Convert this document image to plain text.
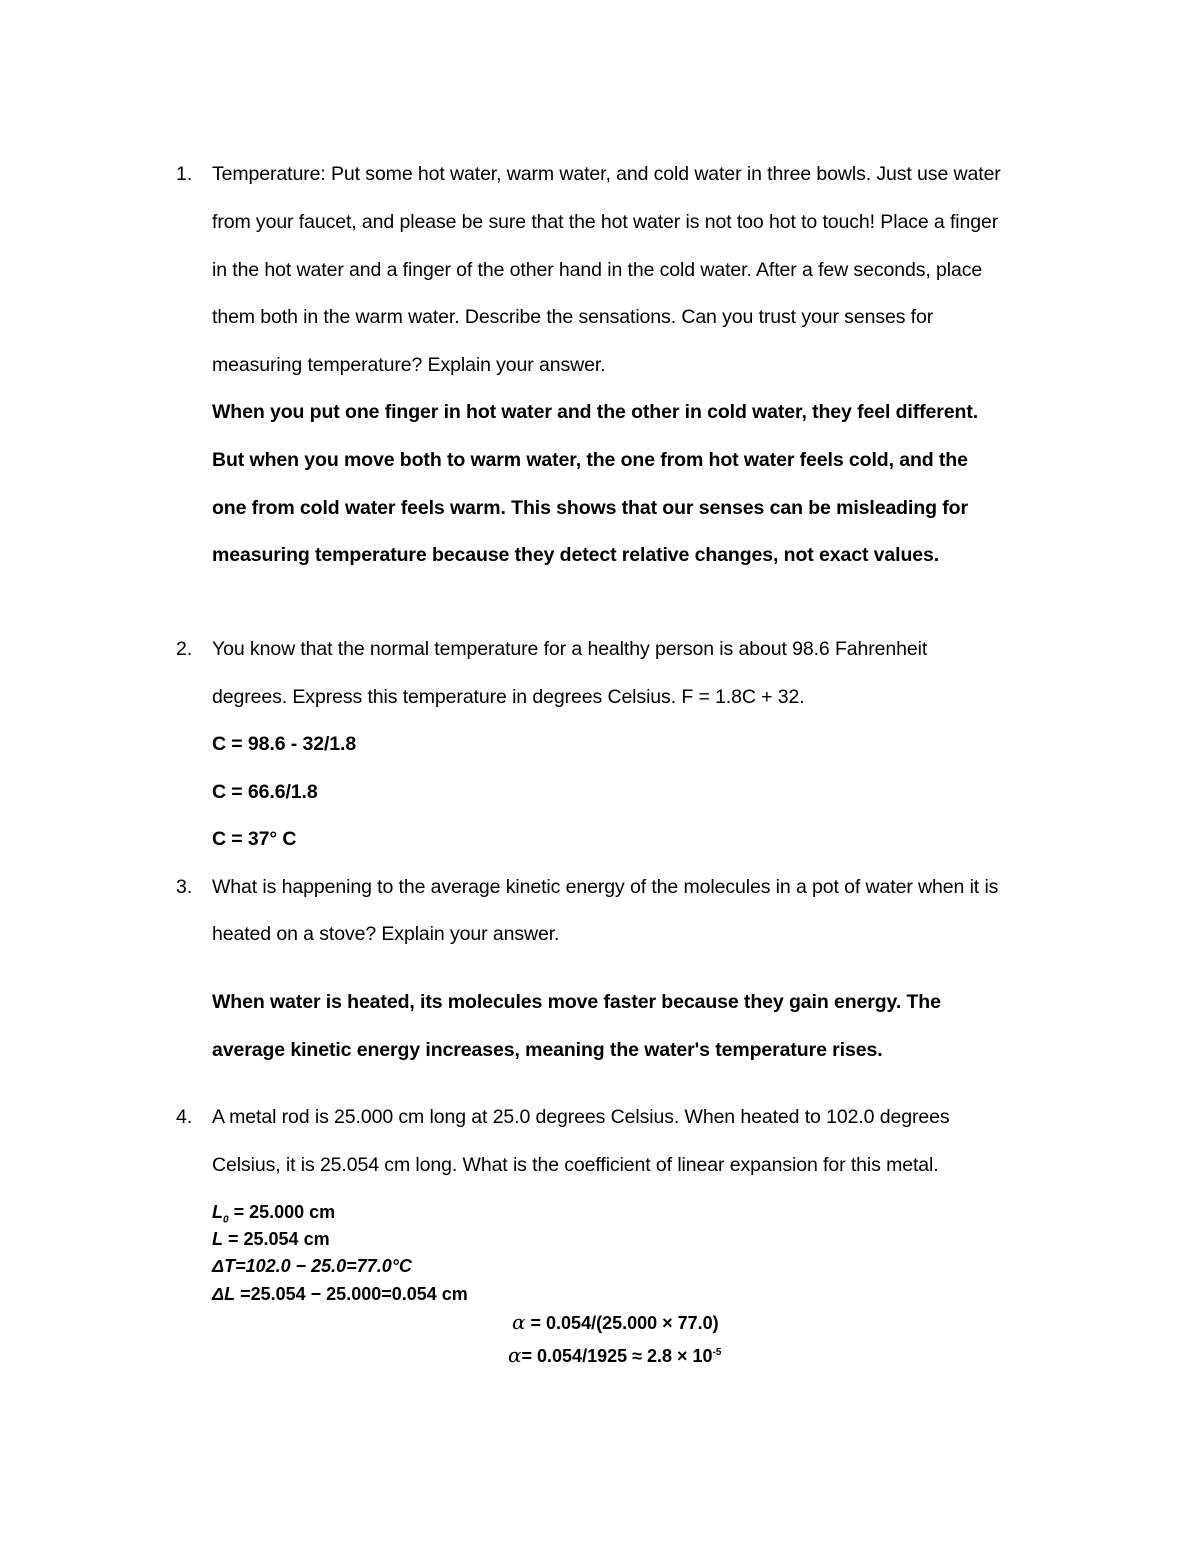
1. Temperature: Put some hot water, warm water, and cold water in three bowls. Just use water
from your faucet, and please be sure that the hot water is not too hot to touch! Place a finger
in the hot water and a finger of the other hand in the cold water. After a few seconds, place
them both in the warm water. Describe the sensations. Can you trust your senses for
measuring temperature? Explain your answer.
When you put one finger in hot water and the other in cold water, they feel different.
But when you move both to warm water, the one from hot water feels cold, and the
one from cold water feels warm. This shows that our senses can be misleading for
measuring temperature because they detect relative changes, not exact values.
2. You know that the normal temperature for a healthy person is about 98.6 Fahrenheit
degrees. Express this temperature in degrees Celsius. F = 1.8C + 32.
C = 98.6 - 32/1.8
C = 66.6/1.8
C = 37° C
3. What is happening to the average kinetic energy of the molecules in a pot of water when it is
heated on a stove? Explain your answer.
When water is heated, its molecules move faster because they gain energy. The
average kinetic energy increases, meaning the water's temperature rises.
4. A metal rod is 25.000 cm long at 25.0 degrees Celsius. When heated to 102.0 degrees
Celsius, it is 25.054 cm long. What is the coefficient of linear expansion for this metal.
$L_0 = 25.000$ cm
L = 25.054 cm
ΔT=102.0 − 25.0=77.0°C
ΔL =25.054 − 25.000=0.054 cm
α = 0.054/(25.000 × 77.0)
$\alpha= 0.054/1925 \approx 2.8 \times 10^{-5}$
